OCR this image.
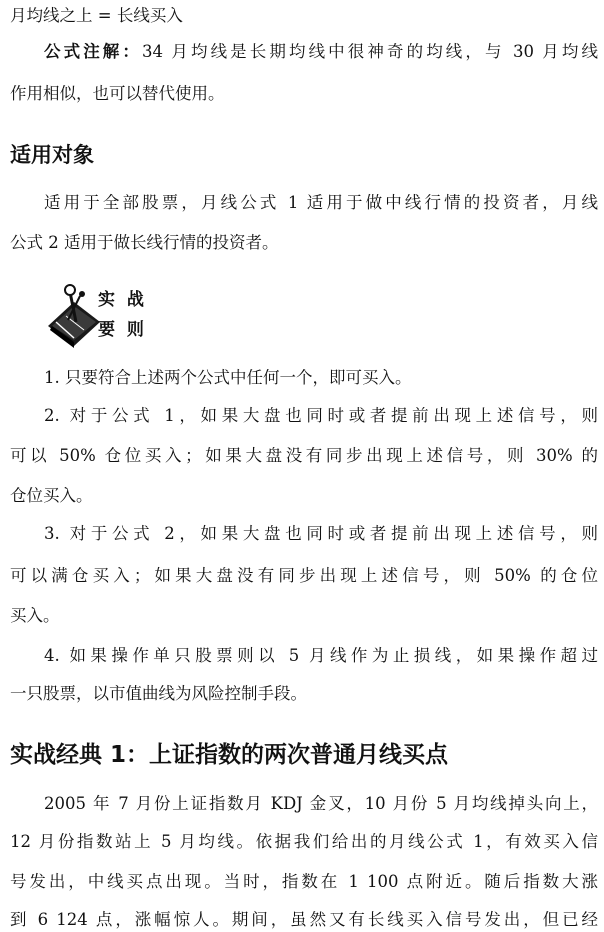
月均线之上 = 长线买入
公式注解：34 月均线是长期均线中很神奇的均线，与 30 月均线
作用相似，也可以替代使用。
适用对象
适用于全部股票，月线公式 1 适用于做中线行情的投资者，月线
公式 2 适用于做长线行情的投资者。
实 战
要 则
1. 只要符合上述两个公式中任何一个，即可买入。
2. 对于公式 1，如果大盘也同时或者提前出现上述信号，则
可以 50% 仓位买入；如果大盘没有同步出现上述信号，则 30% 的
仓位买入。
3. 对于公式 2，如果大盘也同时或者提前出现上述信号，则
可以满仓买入；如果大盘没有同步出现上述信号，则 50% 的仓位
买入。
4. 如果操作单只股票则以 5 月线作为止损线，如果操作超过
一只股票，以市值曲线为风险控制手段。
实战经典 1：上证指数的两次普通月线买点
2005 年 7 月份上证指数月 KDJ 金叉，10 月份 5 月均线掉头向上，
12 月份指数站上 5 月均线。依据我们给出的月线公式 1，有效买入信
号发出，中线买点出现。当时，指数在 1 100 点附近。随后指数大涨
到 6 124 点，涨幅惊人。期间，虽然又有长线买入信号发出，但已经
